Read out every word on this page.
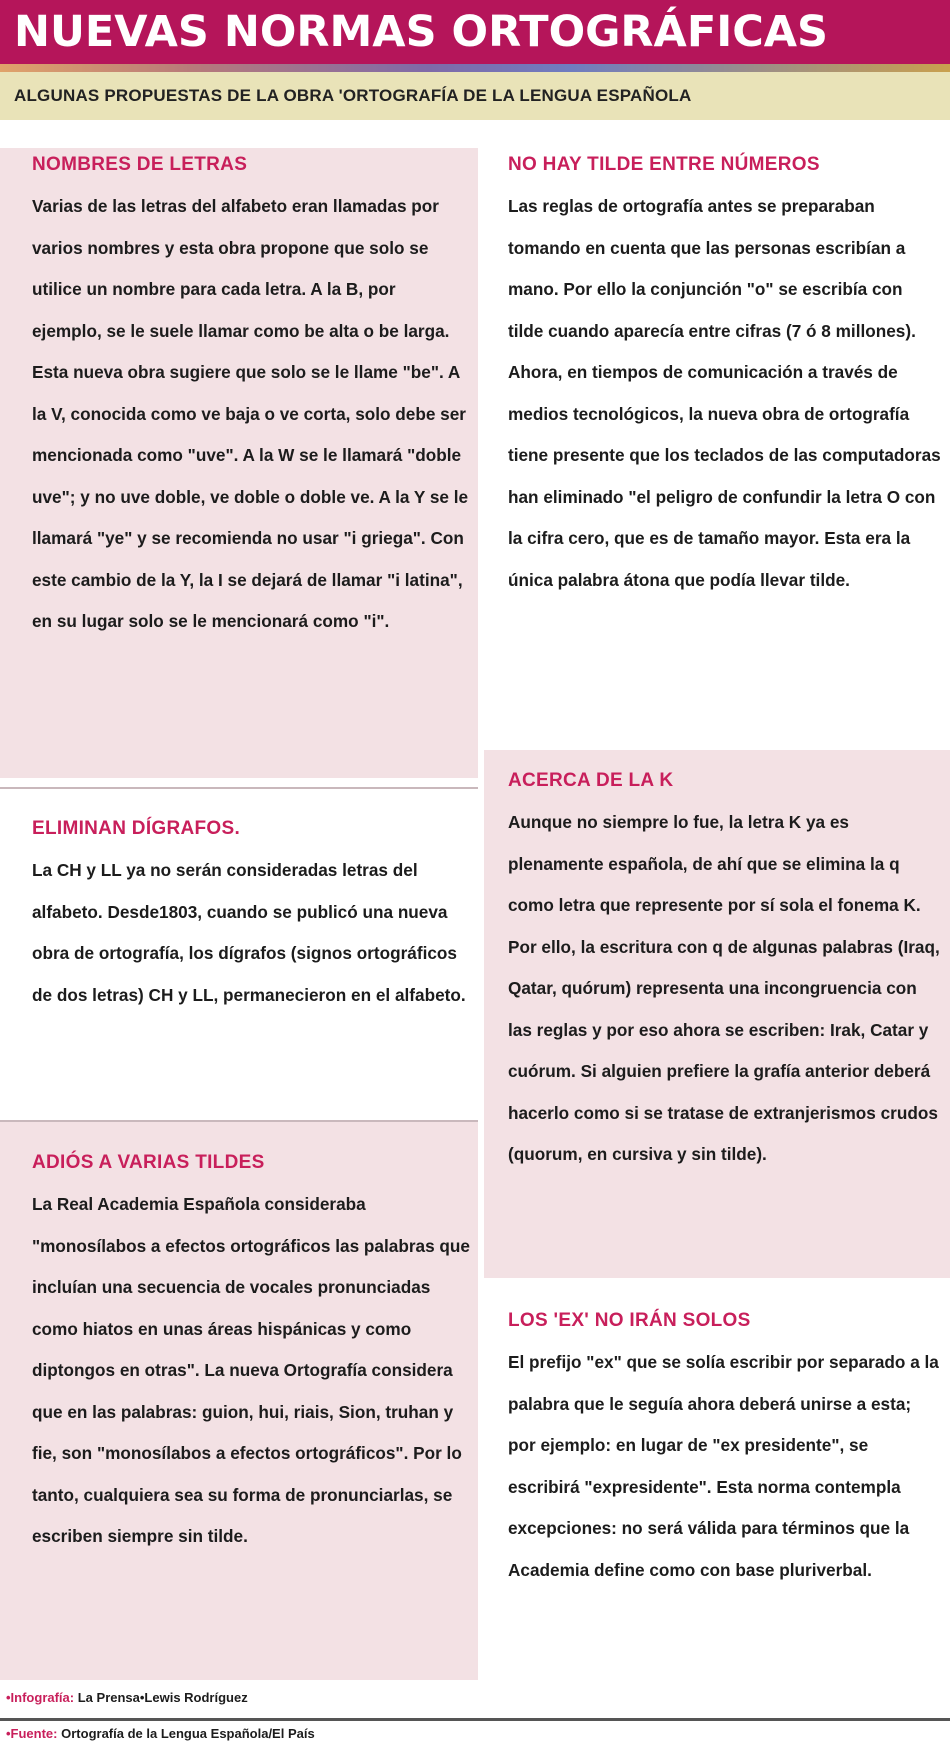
NUEVAS NORMAS ORTOGRÁFICAS
ALGUNAS PROPUESTAS DE LA OBRA 'ORTOGRAFÍA DE LA LENGUA ESPAÑOLA
NOMBRES DE LETRAS

Varias de las letras del alfabeto eran llamadas por varios nombres y esta obra propone que solo se utilice un nombre para cada letra. A la B, por ejemplo, se le suele llamar como be alta o be larga. Esta nueva obra sugiere que solo se le llame "be". A la V, conocida como ve baja o ve corta, solo debe ser mencionada como "uve". A la W se le llamará "doble uve"; y no uve doble, ve doble o doble ve. A la Y se le llamará "ye" y se recomienda no usar "i griega". Con este cambio de la Y, la I se dejará de llamar "i latina", en su lugar solo se le mencionará como "i".

ELIMINAN DÍGRAFOS.

La CH y LL ya no serán consideradas letras del alfabeto. Desde1803, cuando se publicó una nueva obra de ortografía, los dígrafos (signos ortográficos de dos letras) CH y LL, permanecieron en el alfabeto.

ADIÓS A VARIAS TILDES

La Real Academia Española consideraba "monosílabos a efectos ortográficos las palabras que incluían una secuencia de vocales pronunciadas como hiatos en unas áreas hispánicas y como diptongos en otras". La nueva Ortografía considera que en las palabras: guion, hui, riais, Sion, truhan y fie, son "monosílabos a efectos ortográficos". Por lo tanto, cualquiera sea su forma de pronunciarlas, se escriben siempre sin tilde.

NO HAY TILDE ENTRE NÚMEROS

Las reglas de ortografía antes se preparaban tomando en cuenta que las personas escribían a mano. Por ello la conjunción "o" se escribía con tilde cuando aparecía entre cifras (7 ó 8 millones). Ahora, en tiempos de comunicación a través de medios tecnológicos, la nueva obra de ortografía tiene presente que los teclados de las computadoras han eliminado "el peligro de confundir la letra O con la cifra cero, que es de tamaño mayor. Esta era la única palabra átona que podía llevar tilde.

ACERCA DE LA K

Aunque no siempre lo fue, la letra K ya es plenamente española, de ahí que se elimina la q como letra que represente por sí sola el fonema K. Por ello, la escritura con q de algunas palabras (Iraq, Qatar, quórum) representa una incongruencia con las reglas y por eso ahora se escriben: Irak, Catar y cuórum. Si alguien prefiere la grafía anterior deberá hacerlo como si se tratase de extranjerismos crudos (quorum, en cursiva y sin tilde).

LOS 'EX' NO IRÁN SOLOS

El prefijo "ex" que se solía escribir por separado a la palabra que le seguía ahora deberá unirse a esta; por ejemplo: en lugar de "ex presidente", se escribirá "expresidente". Esta norma contempla excepciones: no será válida para términos que la Academia define como con base pluriverbal.

•Infografía: La Prensa•Lewis Rodríguez
•Fuente: Ortografía de la Lengua Española/El País
